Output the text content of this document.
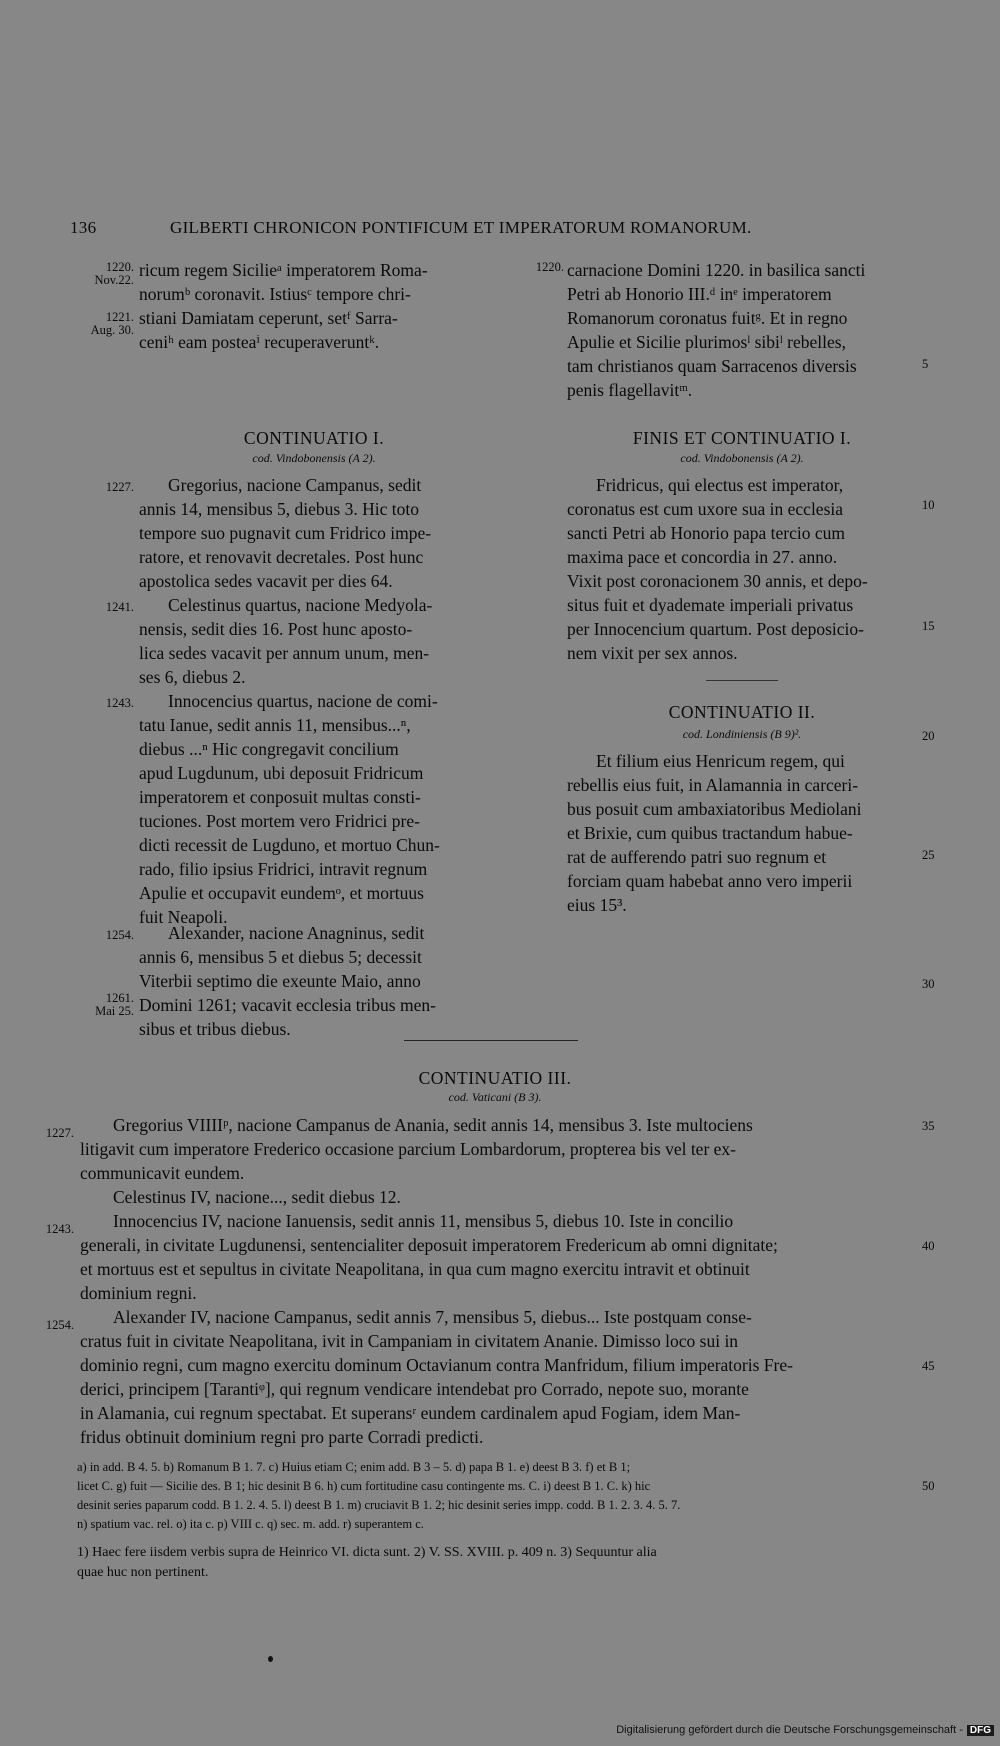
136	GILBERTI CHRONICON PONTIFICUM ET IMPERATORUM ROMANORUM.
1220.
Nov.22.
1221.
Aug. 30.
ricum regem Sicilieᵃ imperatorem Roma-
norumᵇ coronavit. Istiusᶜ tempore chri-
stiani Damiatam ceperunt, setᶠ Sarra-
ceniʰ eam posteaⁱ recuperaveruntᵏ.
1220. carnacione Domini 1220. in basilica sancti
Petri ab Honorio III.ᵈ inᵉ imperatorem
Romanorum coronatus fuitᵍ. Et in regno
Apulie et Sicilie plurimosˡ sibiˡ rebelles,
tam christianos quam Sarracenos diversis
penis flagellavitᵐ.
CONTINUATIO I.
cod. Vindobonensis (A 2).
1227.	Gregorius, nacione Campanus, sedit
annis 14, mensibus 5, diebus 3. Hic toto
tempore suo pugnavit cum Fridrico impe-
ratore, et renovavit decretales. Post hunc
apostolica sedes vacavit per dies 64.
1241.	Celestinus quartus, nacione Medyola-
nensis, sedit dies 16. Post hunc aposto-
lica sedes vacavit per annum unum, men-
ses 6, diebus 2.
1243.	Innocencius quartus, nacione de comi-
tatu Ianue, sedit annis 11, mensibus...ⁿ,
diebus ...ⁿ Hic congregavit concilium
apud Lugdunum, ubi deposuit Fridricum
imperatorem et conposuit multas consti-
tuciones. Post mortem vero Fridrici pre-
dicti recessit de Lugduno, et mortuo Chun-
rado, filio ipsius Fridrici, intravit regnum
Apulie et occupavit eundemᵒ, et mortuus
fuit Neapoli.
1254.	Alexander, nacione Anagninus, sedit
annis 6, mensibus 5 et diebus 5; decessit
Viterbii septimo die exeunte Maio, anno
Domini 1261; vacavit ecclesia tribus men-
sibus et tribus diebus.
1261.
Mai 25.
FINIS ET CONTINUATIO I.
cod. Vindobonensis (A 2).
Fridricus, qui electus est imperator,
coronatus est cum uxore sua in ecclesia
sancti Petri ab Honorio papa tercio cum
maxima pace et concordia in 27. anno.
Vixit post coronacionem 30 annis, et depo-
situs fuit et dyademate imperiali privatus
per Innocencium quartum. Post deposicio-
nem vixit per sex annos.
CONTINUATIO II.
cod. Londiniensis (B 9)².
Et filium eius Henricum regem, qui
rebellis eius fuit, in Alamannia in carceri-
bus posuit cum ambaxiatoribus Mediolani
et Brixie, cum quibus tractandum habue-
rat de aufferendo patri suo regnum et
forciam quam habebat anno vero imperii
eius 15³.
CONTINUATIO III.
cod. Vaticani (B 3).
1227.
1243.
1254.
Gregorius VIIIIᵖ, nacione Campanus de Anania, sedit annis 14, mensibus 3. Iste multociens
litigavit cum imperatore Frederico occasione parcium Lombardorum, propterea bis vel ter ex-
communicavit eundem.
Celestinus IV, nacione..., sedit diebus 12.
Innocencius IV, nacione Ianuensis, sedit annis 11, mensibus 5, diebus 10. Iste in concilio
generali, in civitate Lugdunensi, sentencialiter deposuit imperatorem Fredericum ab omni dignitate;
et mortuus est et sepultus in civitate Neapolitana, in qua cum magno exercitu intravit et obtinuit
dominium regni.
Alexander IV, nacione Campanus, sedit annis 7, mensibus 5, diebus... Iste postquam conse-
cratus fuit in civitate Neapolitana, ivit in Campaniam in civitatem Ananie. Dimisso loco sui in
dominio regni, cum magno exercitu dominum Octavianum contra Manfridum, filium imperatoris Fre-
derici, principem [Tarantiᵠ], qui regnum vendicare intendebat pro Corrado, nepote suo, morante
in Alamania, cui regnum spectabat. Et superansʳ eundem cardinalem apud Fogiam, idem Man-
fridus obtinuit dominium regni pro parte Corradi predicti.
5
10
15
20
25
30
35
40
45
50
a) in add. B 4. 5. b) Romanum B 1. 7. c) Huius etiam C; enim add. B 3 – 5. d) papa B 1. e) deest B 3. f) et B 1;
licet C. g) fuit — Sicilie des. B 1; hic desinit B 6. h) cum fortitudine casu contingente ms. C. i) deest B 1. C. k) hic
desinit series paparum codd. B 1. 2. 4. 5. l) deest B 1. m) cruciavit B 1. 2; hic desinit series impp. codd. B 1. 2. 3. 4. 5. 7.
n) spatium vac. rel. o) ita c. p) VIII c. q) sec. m. add. r) superantem c.
1) Haec fere iisdem verbis supra de Heinrico VI. dicta sunt. 2) V. SS. XVIII. p. 409 n. 3) Sequuntur alia
quae huc non pertinent.
Digitalisierung gefördert durch die Deutsche Forschungsgemeinschaft - DFG
